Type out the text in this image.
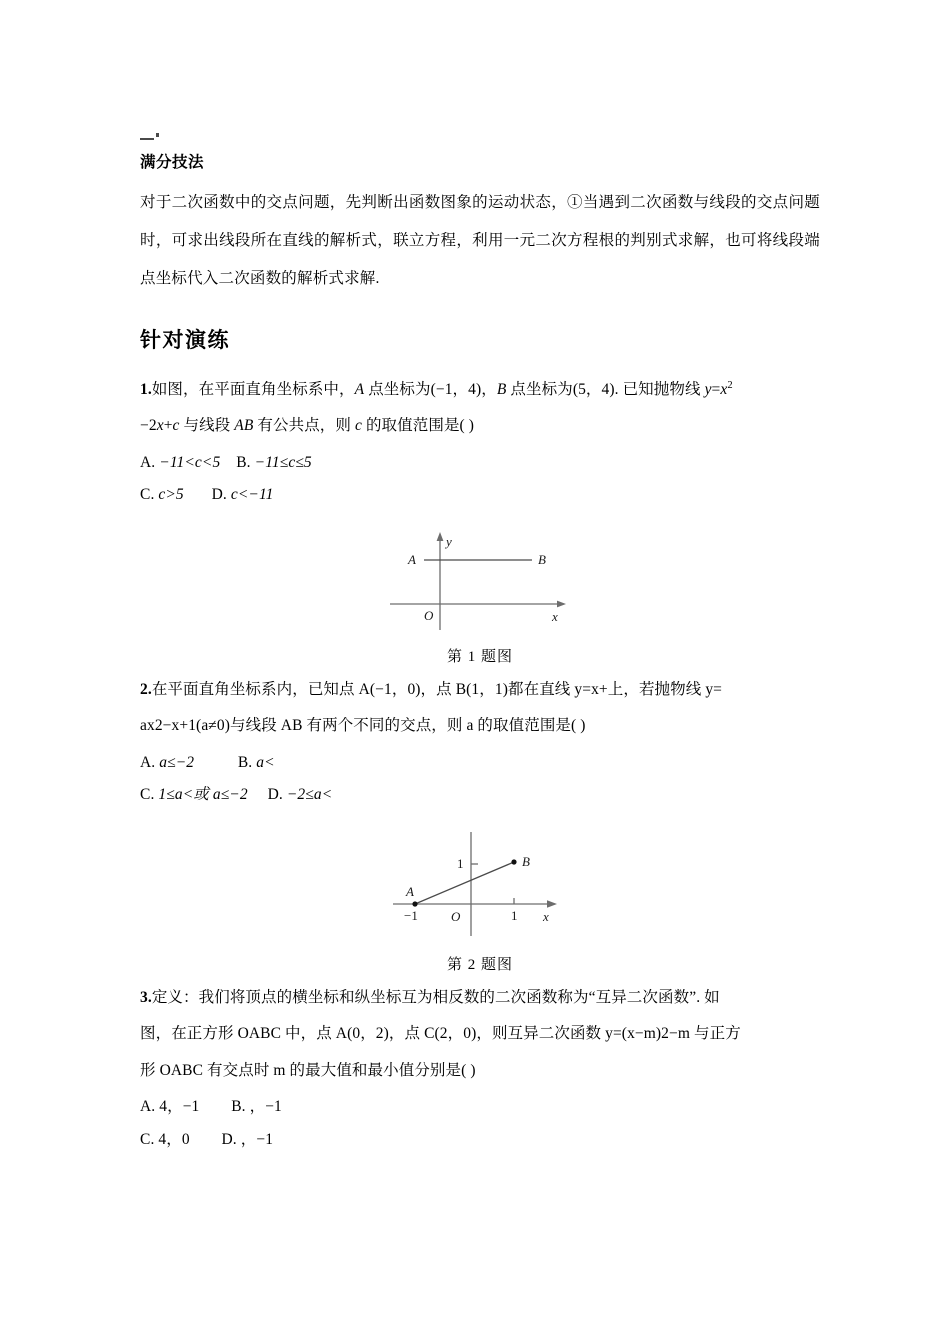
满分技法
对于二次函数中的交点问题，先判断出函数图象的运动状态，①当遇到二次函数与线段的交点问题时，可求出线段所在直线的解析式，联立方程，利用一元二次方程根的判别式求解，也可将线段端点坐标代入二次函数的解析式求解.
针对演练
1.如图，在平面直角坐标系中，A 点坐标为(−1，4)，B 点坐标为(5，4). 已知抛物线 $y=x^2$
−2x+c 与线段 AB 有公共点，则 c 的取值范围是( )
A. −11<c<5 B. −11≤c≤5
C. c>5 D. c<−11
A	B
O	x
y
第 1 题图
2.在平面直角坐标系内，已知点 A(−1，0)，点 B(1，1)都在直线 y=x+上，若抛物线 y=
ax2−x+1(a≠0)与线段 AB 有两个不同的交点，则 a 的取值范围是( )
A. a≤−2	B. a<
C. 1≤a<或 a≤−2 D. −2≤a<
A
B
−1	1
1
O	x
第 2 题图
3.定义：我们将顶点的横坐标和纵坐标互为相反数的二次函数称为“互异二次函数”. 如
图，在正方形 OABC 中，点 A(0，2)，点 C(2，0)，则互异二次函数 y=(x−m)2−m 与正方
形 OABC 有交点时 m 的最大值和最小值分别是( )
A. 4，−1 B. ，−1
C. 4，0 D. ，−1
